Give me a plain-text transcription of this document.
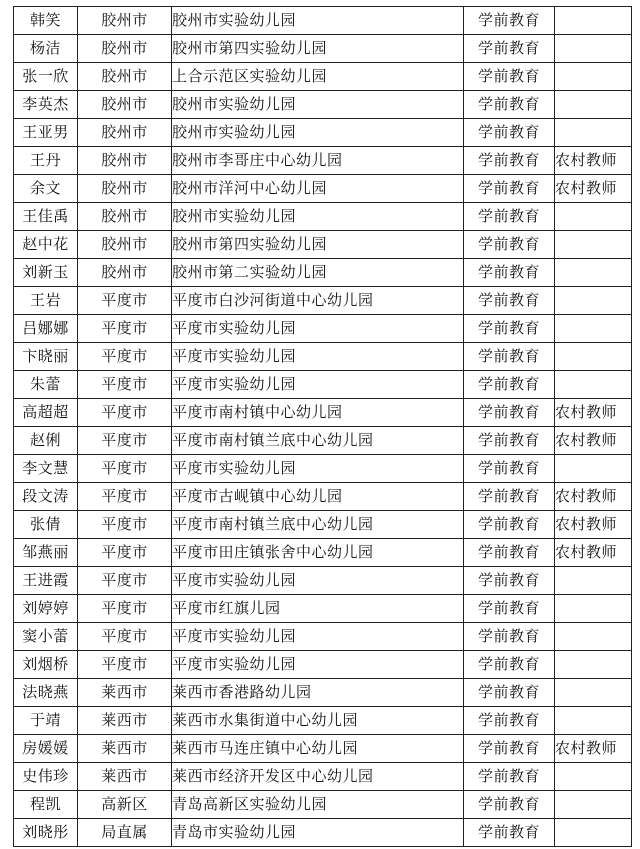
韩笑	胶州市	胶州市实验幼儿园	学前教育	
杨洁	胶州市	胶州市第四实验幼儿园	学前教育	
张一欣	胶州市	上合示范区实验幼儿园	学前教育	
李英杰	胶州市	胶州市实验幼儿园	学前教育	
王亚男	胶州市	胶州市实验幼儿园	学前教育	
王丹	胶州市	胶州市李哥庄中心幼儿园	学前教育	农村教师
余文	胶州市	胶州市洋河中心幼儿园	学前教育	农村教师
王佳禹	胶州市	胶州市实验幼儿园	学前教育	
赵中花	胶州市	胶州市第四实验幼儿园	学前教育	
刘新玉	胶州市	胶州市第二实验幼儿园	学前教育	
王岩	平度市	平度市白沙河街道中心幼儿园	学前教育	
吕娜娜	平度市	平度市实验幼儿园	学前教育	
卞晓丽	平度市	平度市实验幼儿园	学前教育	
朱蕾	平度市	平度市实验幼儿园	学前教育	
高超超	平度市	平度市南村镇中心幼儿园	学前教育	农村教师
赵俐	平度市	平度市南村镇兰底中心幼儿园	学前教育	农村教师
李文慧	平度市	平度市实验幼儿园	学前教育	
段文涛	平度市	平度市古岘镇中心幼儿园	学前教育	农村教师
张倩	平度市	平度市南村镇兰底中心幼儿园	学前教育	农村教师
邹燕丽	平度市	平度市田庄镇张舍中心幼儿园	学前教育	农村教师
王进霞	平度市	平度市实验幼儿园	学前教育	
刘婷婷	平度市	平度市红旗儿园	学前教育	
窦小蕾	平度市	平度市实验幼儿园	学前教育	
刘烟桥	平度市	平度市实验幼儿园	学前教育	
法晓燕	莱西市	莱西市香港路幼儿园	学前教育	
于靖	莱西市	莱西市水集街道中心幼儿园	学前教育	
房媛媛	莱西市	莱西市马连庄镇中心幼儿园	学前教育	农村教师
史伟珍	莱西市	莱西市经济开发区中心幼儿园	学前教育	
程凯	高新区	青岛高新区实验幼儿园	学前教育	
刘晓彤	局直属	青岛市实验幼儿园	学前教育	
